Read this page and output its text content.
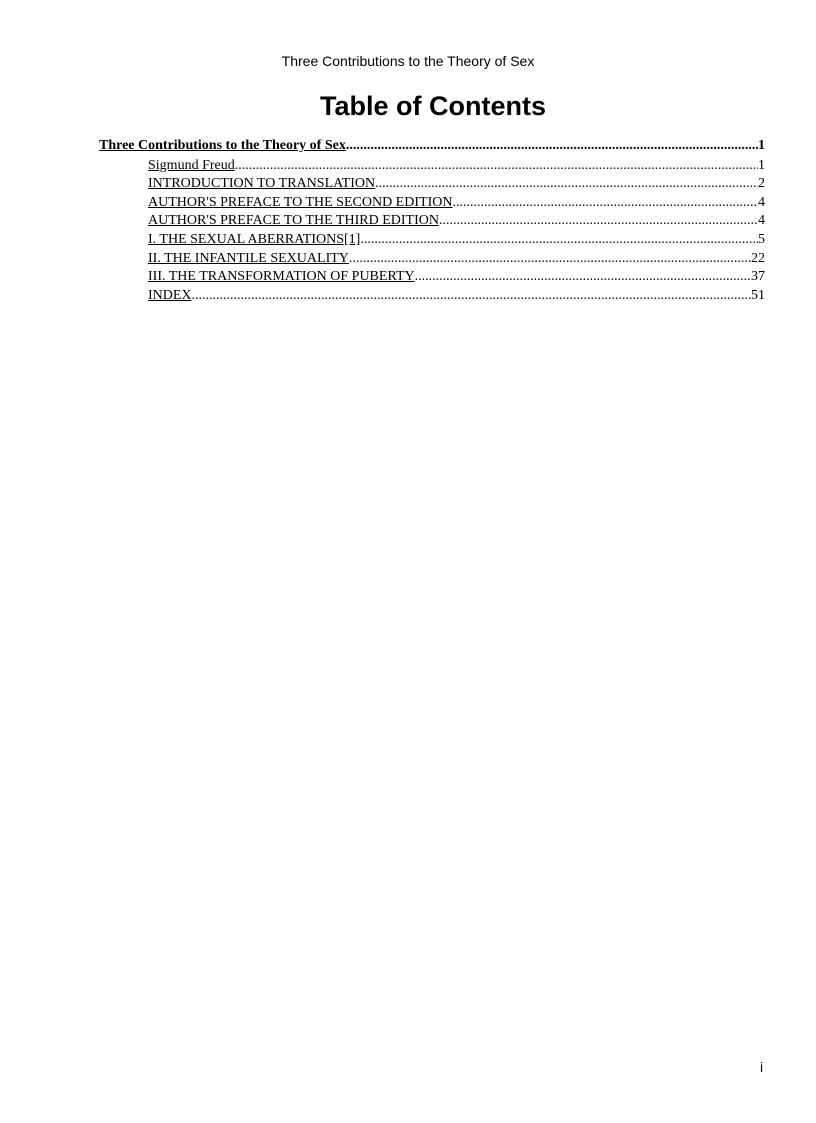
Three Contributions to the Theory of Sex
Table of Contents
Three Contributions to the Theory of Sex .....	1
Sigmund Freud .....	1
INTRODUCTION TO TRANSLATION .....	2
AUTHOR'S PREFACE TO THE SECOND EDITION .....	4
AUTHOR'S PREFACE TO THE THIRD EDITION .....	4
I. THE SEXUAL ABERRATIONS[1] .....	5
II. THE INFANTILE SEXUALITY .....	22
III. THE TRANSFORMATION OF PUBERTY .....	37
INDEX .....	51
i
